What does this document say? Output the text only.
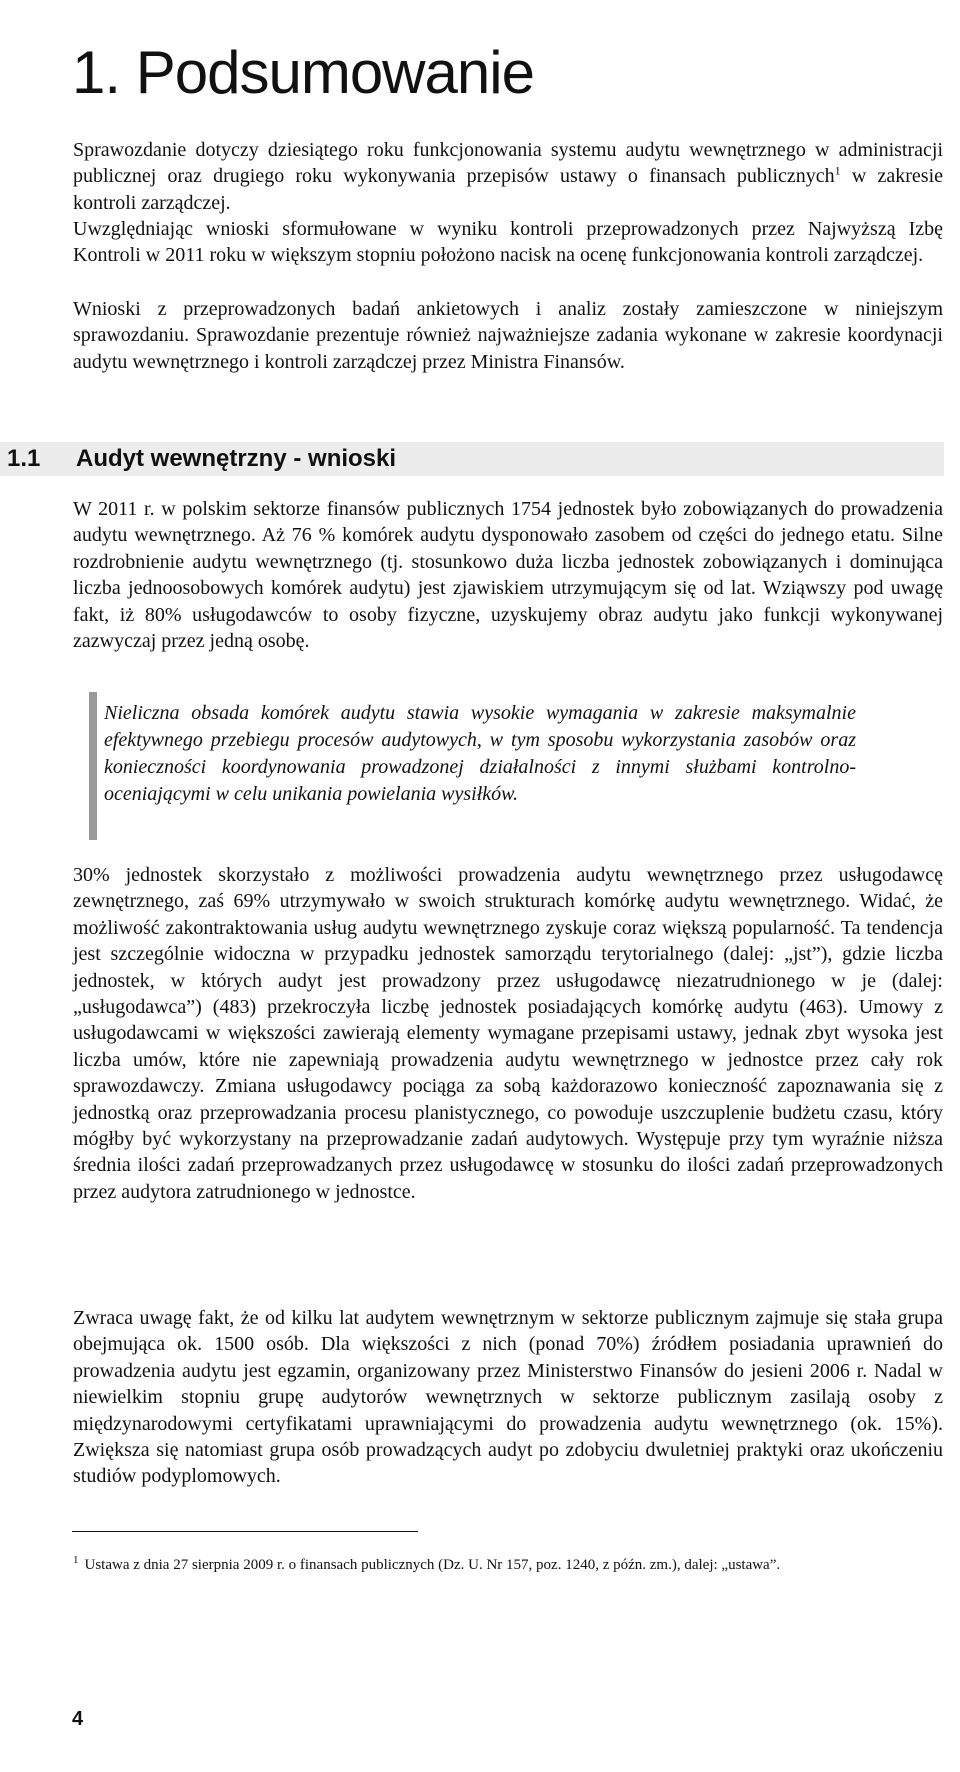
1. Podsumowanie

Sprawozdanie dotyczy dziesiątego roku funkcjonowania systemu audytu wewnętrznego w administracji publicznej oraz drugiego roku wykonywania przepisów ustawy o finansach publicznych$^1$ w zakresie kontroli zarządczej.

Uwzględniając wnioski sformułowane w wyniku kontroli przeprowadzonych przez Najwyższą Izbę Kontroli w 2011 roku w większym stopniu położono nacisk na ocenę funkcjonowania kontroli zarządczej.

Wnioski z przeprowadzonych badań ankietowych i analiz zostały zamieszczone w niniejszym sprawozdaniu. Sprawozdanie prezentuje również najważniejsze zadania wykonane w zakresie koordynacji audytu wewnętrznego i kontroli zarządczej przez Ministra Finansów.

1.1 Audyt wewnętrzny - wnioski

W 2011 r. w polskim sektorze finansów publicznych 1754 jednostek było zobowiązanych do prowadzenia audytu wewnętrznego. Aż 76 % komórek audytu dysponowało zasobem od części do jednego etatu. Silne rozdrobnienie audytu wewnętrznego (tj. stosunkowo duża liczba jednostek zobowiązanych i dominująca liczba jednoosobowych komórek audytu) jest zjawiskiem utrzymującym się od lat. Wziąwszy pod uwagę fakt, iż 80% usługodawców to osoby fizyczne, uzyskujemy obraz audytu jako funkcji wykonywanej zazwyczaj przez jedną osobę.

Nieliczna obsada komórek audytu stawia wysokie wymagania w zakresie maksymalnie efektywnego przebiegu procesów audytowych, w tym sposobu wykorzystania zasobów oraz konieczności koordynowania prowadzonej działalności z innymi służbami kontrolno-oceniającymi w celu unikania powielania wysiłków.

30% jednostek skorzystało z możliwości prowadzenia audytu wewnętrznego przez usługodawcę zewnętrznego, zaś 69% utrzymywało w swoich strukturach komórkę audytu wewnętrznego. Widać, że możliwość zakontraktowania usług audytu wewnętrznego zyskuje coraz większą popularność. Ta tendencja jest szczególnie widoczna w przypadku jednostek samorządu terytorialnego (dalej: „jst”), gdzie liczba jednostek, w których audyt jest prowadzony przez usługodawcę niezatrudnionego w je (dalej: „usługodawca”) (483) przekroczyła liczbę jednostek posiadających komórkę audytu (463). Umowy z usługodawcami w większości zawierają elementy wymagane przepisami ustawy, jednak zbyt wysoka jest liczba umów, które nie zapewniają prowadzenia audytu wewnętrznego w jednostce przez cały rok sprawozdawczy. Zmiana usługodawcy pociąga za sobą każdorazowo konieczność zapoznawania się z jednostką oraz przeprowadzania procesu planistycznego, co powoduje uszczuplenie budżetu czasu, który mógłby być wykorzystany na przeprowadzanie zadań audytowych. Występuje przy tym wyraźnie niższa średnia ilości zadań przeprowadzanych przez usługodawcę w stosunku do ilości zadań przeprowadzonych przez audytora zatrudnionego w jednostce.

Zwraca uwagę fakt, że od kilku lat audytem wewnętrznym w sektorze publicznym zajmuje się stała grupa obejmująca ok. 1500 osób. Dla większości z nich (ponad 70%) źródłem posiadania uprawnień do prowadzenia audytu jest egzamin, organizowany przez Ministerstwo Finansów do jesieni 2006 r. Nadal w niewielkim stopniu grupę audytorów wewnętrznych w sektorze publicznym zasilają osoby z międzynarodowymi certyfikatami uprawniającymi do prowadzenia audytu wewnętrznego (ok. 15%). Zwiększa się natomiast grupa osób prowadzących audyt po zdobyciu dwuletniej praktyki oraz ukończeniu studiów podyplomowych.

$^1$ Ustawa z dnia 27 sierpnia 2009 r. o finansach publicznych (Dz. U. Nr 157, poz. 1240, z późn. zm.), dalej: „ustawa”.

4
